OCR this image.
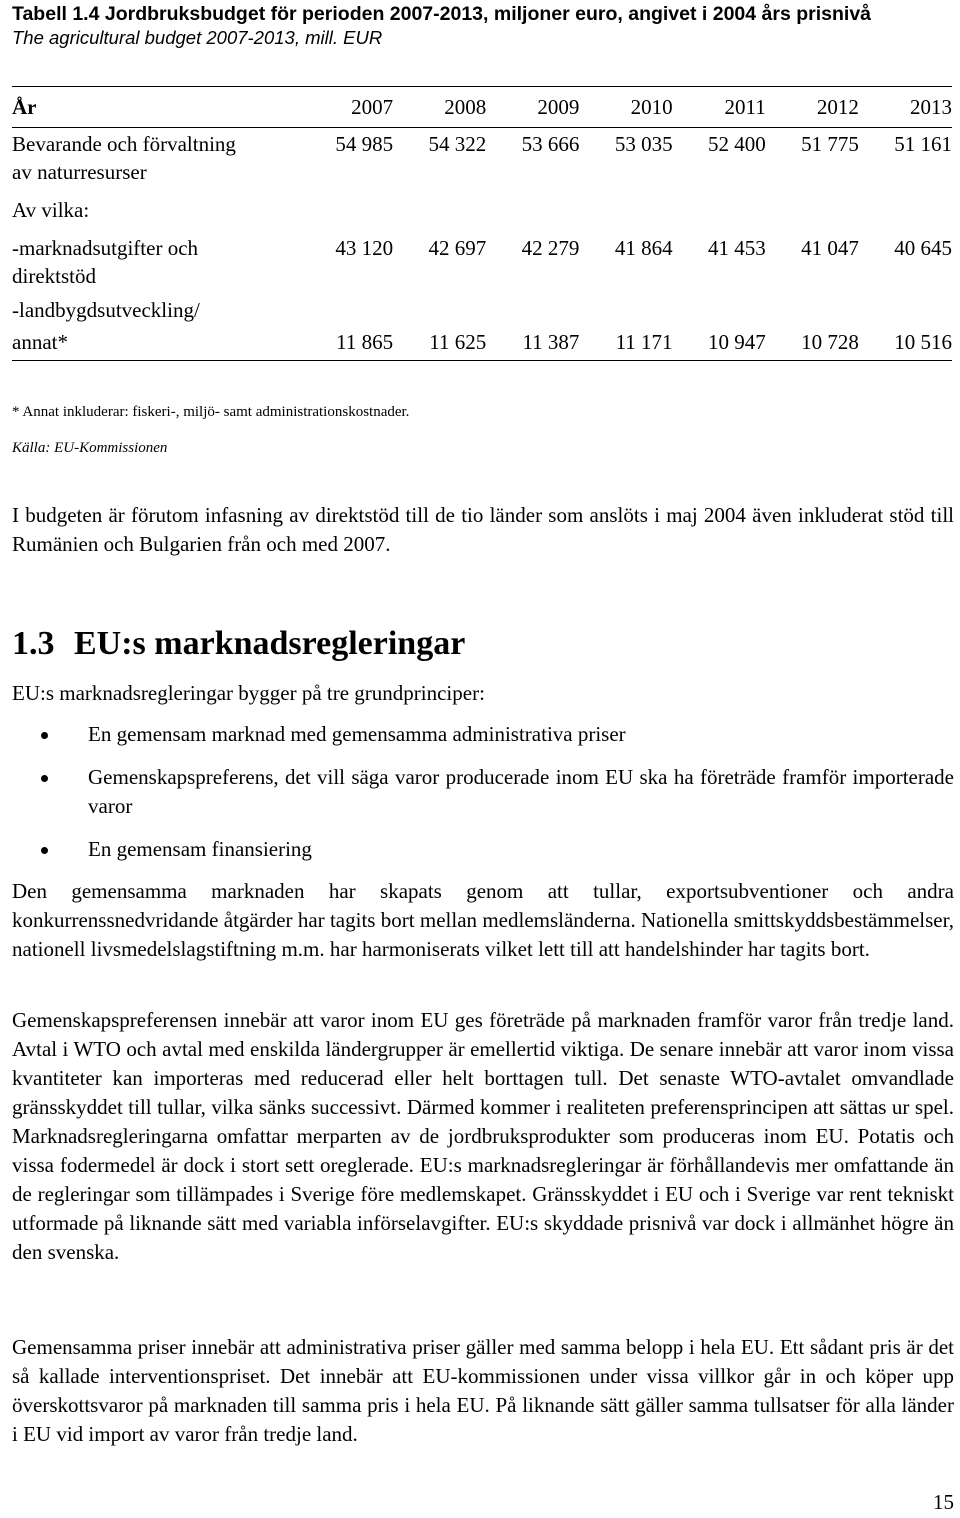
Tabell 1.4 Jordbruksbudget för perioden 2007-2013, miljoner euro, angivet i 2004 års prisnivå
The agricultural budget 2007-2013, mill. EUR
År	2007	2008	2009	2010	2011	2012	2013

Bevarande och förvaltning
av naturresurser	54 985	54 322	53 666	53 035	52 400	51 775	51 161
Av vilka:							

-marknadsutgifter och
direktstöd	43 120	42 697	42 279	41 864	41 453	41 047	40 645
-landbygdsutveckling/							
annat*	11 865	11 625	11 387	11 171	10 947	10 728	10 516
* Annat inkluderar: fiskeri-, miljö- samt administrationskostnader.
Källa: EU-Kommissionen

I budgeten är förutom infasning av direktstöd till de tio länder som anslöts i maj 2004 även inkluderat stöd till Rumänien och Bulgarien från och med 2007.

1.3 EU:s marknadsregleringar

EU:s marknadsregleringar bygger på tre grundprinciper:

En gemensam marknad med gemensamma administrativa priser
Gemenskapspreferens, det vill säga varor producerade inom EU ska ha företräde framför importerade varor
En gemensam finansiering

Den gemensamma marknaden har skapats genom att tullar, exportsubventioner och andra konkurrenssnedvridande åtgärder har tagits bort mellan medlemsländerna. Nationella smittskyddsbestämmelser, nationell livsmedelslagstiftning m.m. har harmoniserats vilket lett till att handelshinder har tagits bort.

Gemenskapspreferensen innebär att varor inom EU ges företräde på marknaden framför varor från tredje land. Avtal i WTO och avtal med enskilda ländergrupper är emellertid viktiga. De senare innebär att varor inom vissa kvantiteter kan importeras med reducerad eller helt borttagen tull. Det senaste WTO-avtalet omvandlade gränsskyddet till tullar, vilka sänks successivt. Därmed kommer i realiteten preferensprincipen att sättas ur spel. Marknadsregleringarna omfattar merparten av de jordbruksprodukter som produceras inom EU. Potatis och vissa fodermedel är dock i stort sett oreglerade. EU:s marknadsregleringar är förhållandevis mer omfattande än de regleringar som tillämpades i Sverige före medlemskapet. Gränsskyddet i EU och i Sverige var rent tekniskt utformade på liknande sätt med variabla införselavgifter. EU:s skyddade prisnivå var dock i allmänhet högre än den svenska.

Gemensamma priser innebär att administrativa priser gäller med samma belopp i hela EU. Ett sådant pris är det så kallade interventionspriset. Det innebär att EU-kommissionen under vissa villkor går in och köper upp överskottsvaror på marknaden till samma pris i hela EU. På liknande sätt gäller samma tullsatser för alla länder i EU vid import av varor från tredje land.

15
